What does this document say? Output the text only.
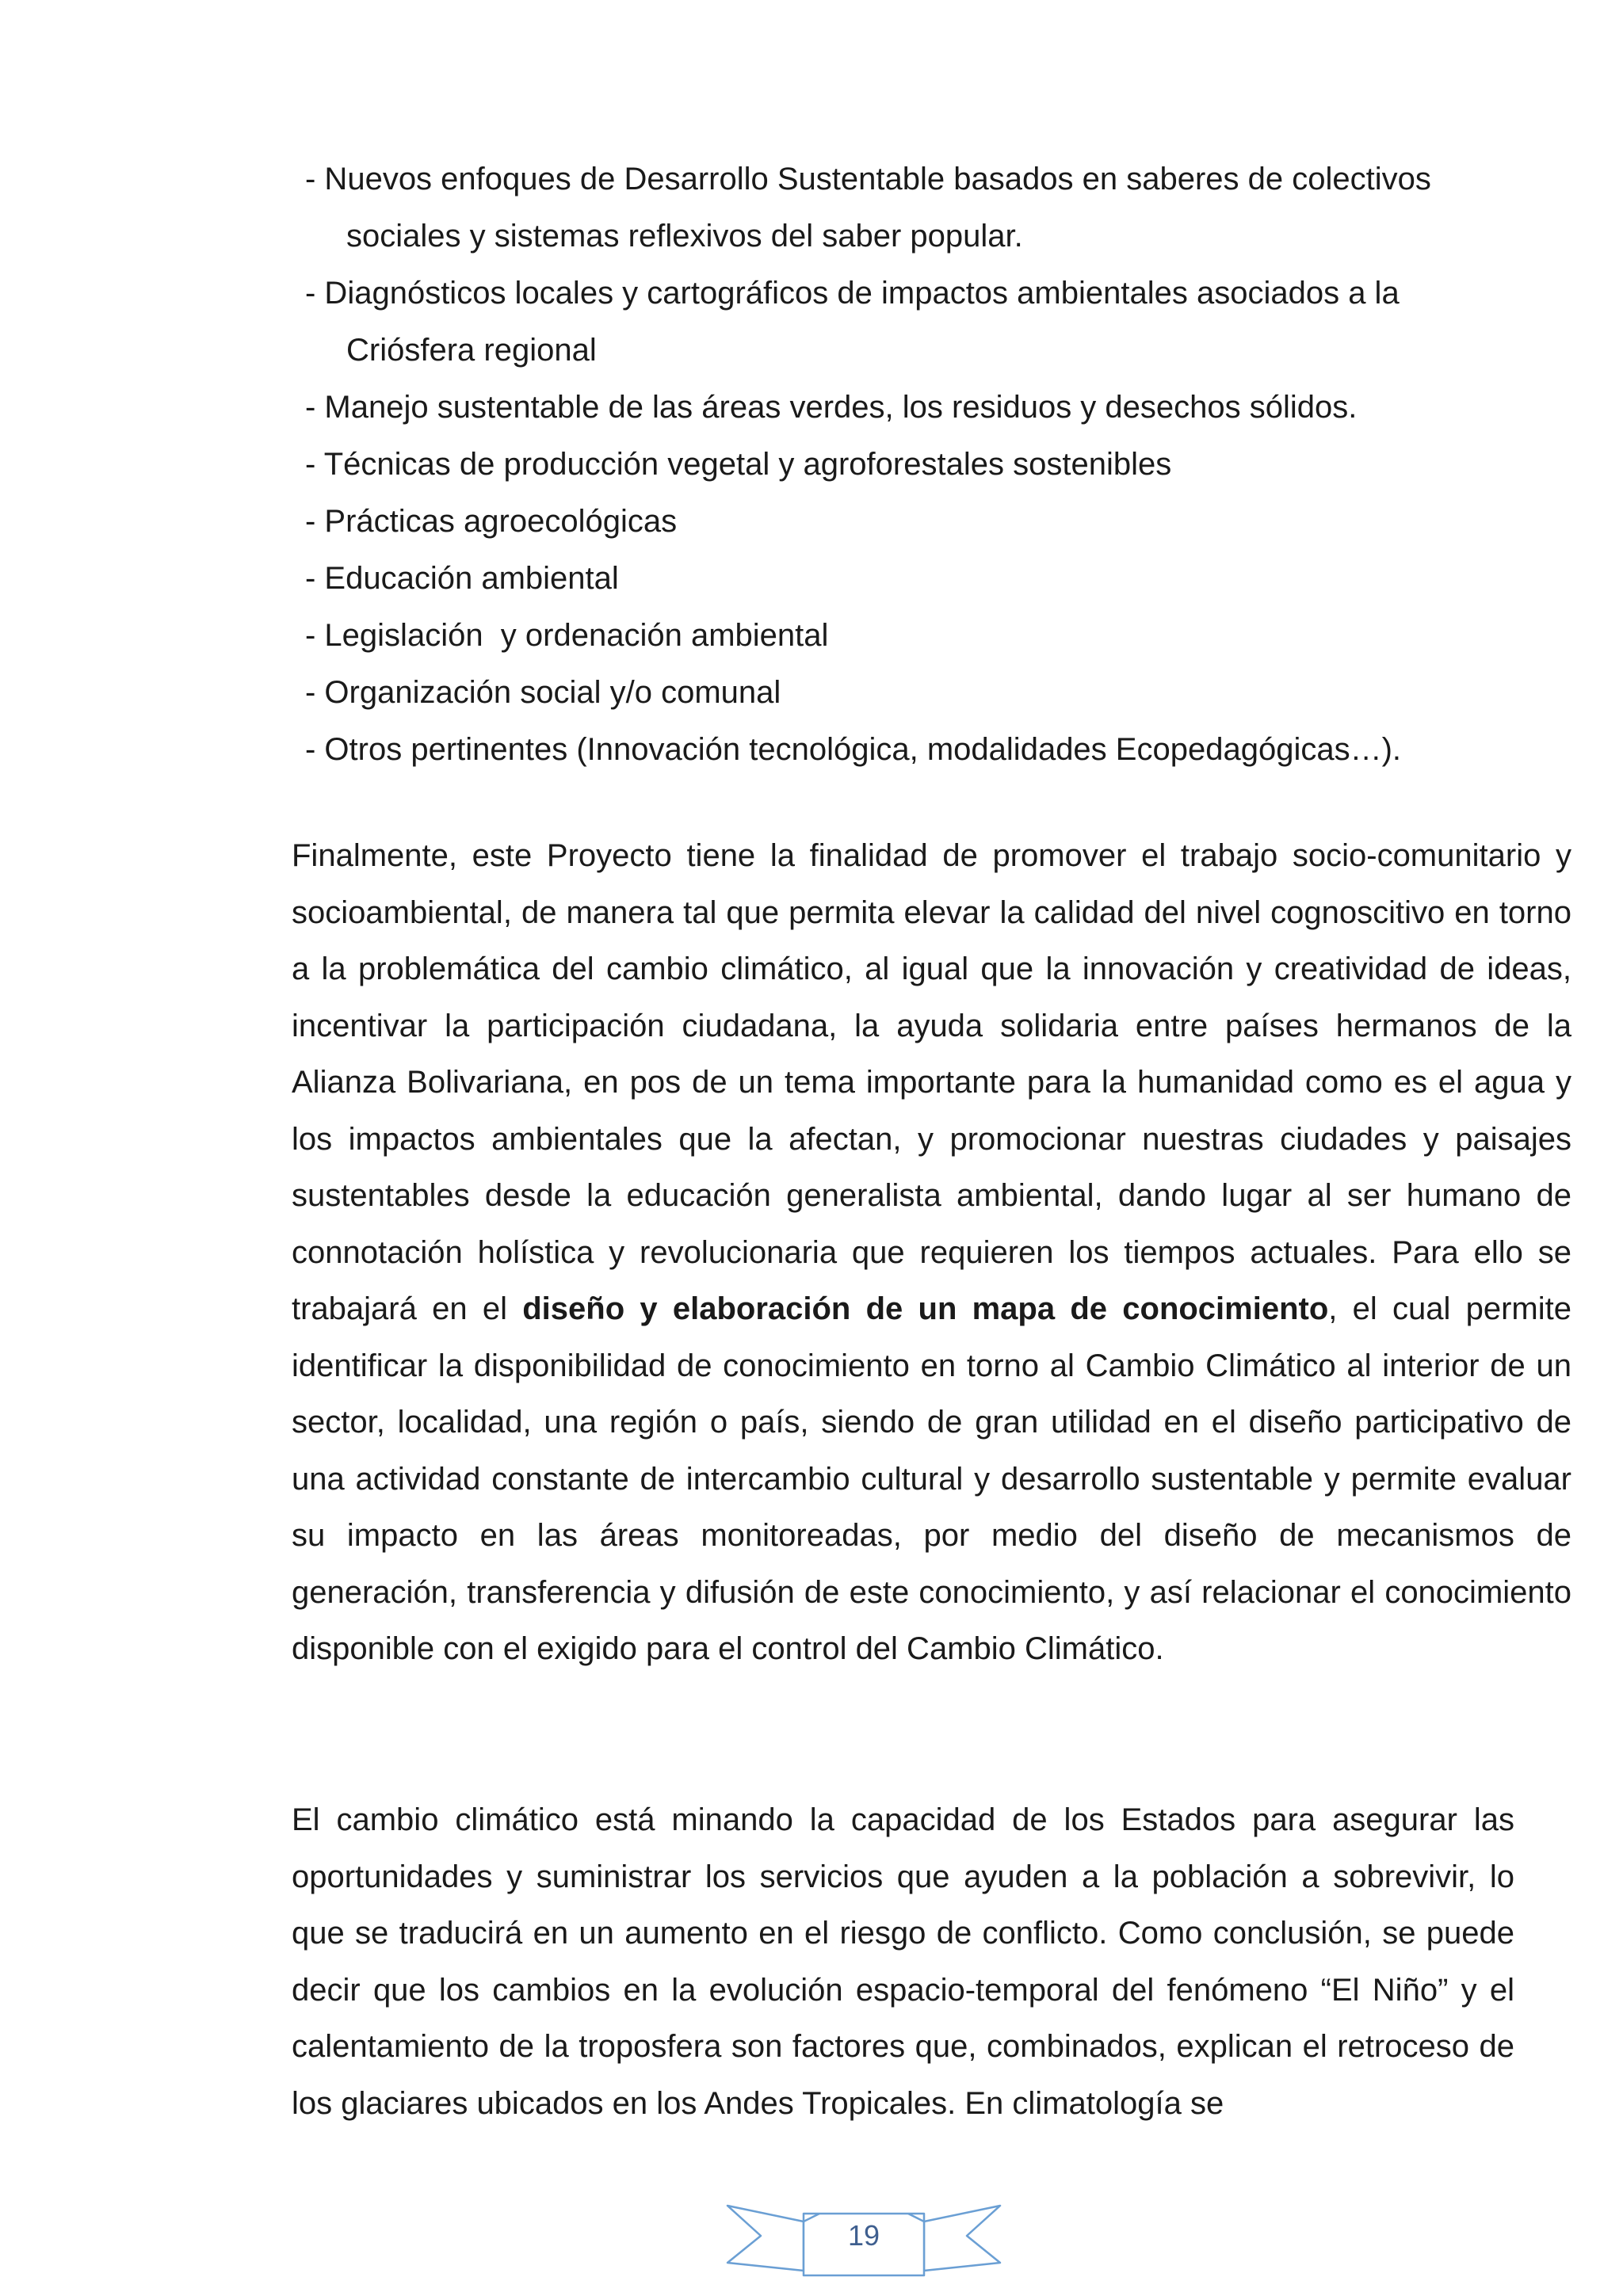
- Nuevos enfoques de Desarrollo Sustentable basados en saberes de colectivos
sociales y sistemas reflexivos del saber popular.
- Diagnósticos locales y cartográficos de impactos ambientales asociados a la
Criósfera regional
- Manejo sustentable de las áreas verdes, los residuos y desechos sólidos.
- Técnicas de producción vegetal y agroforestales sostenibles
- Prácticas agroecológicas
- Educación ambiental
- Legislación  y ordenación ambiental
- Organización social y/o comunal
- Otros pertinentes (Innovación tecnológica, modalidades Ecopedagógicas…).

Finalmente, este Proyecto tiene la finalidad de promover el trabajo socio-comunitario y socioambiental, de manera tal que permita elevar la calidad del nivel cognoscitivo en torno a la problemática del cambio climático, al igual que la innovación y creatividad de ideas, incentivar la participación ciudadana, la ayuda solidaria entre países hermanos de la Alianza Bolivariana, en pos de un tema importante para la humanidad como es el agua y los impactos ambientales que la afectan, y promocionar nuestras ciudades y paisajes sustentables desde la educación generalista ambiental, dando lugar al ser humano de connotación holística y revolucionaria que requieren los tiempos actuales. Para ello se trabajará en el diseño y elaboración de un mapa de conocimiento, el cual permite identificar la disponibilidad de conocimiento en torno al Cambio Climático al interior de un sector, localidad, una región o país, siendo de gran utilidad en el diseño participativo de una actividad constante de intercambio cultural y desarrollo sustentable y permite evaluar su impacto en las áreas monitoreadas, por medio del diseño de mecanismos de generación, transferencia y difusión de este conocimiento, y así relacionar el conocimiento disponible con el exigido para el control del Cambio Climático.

El cambio climático está minando la capacidad de los Estados para asegurar las oportunidades y suministrar los servicios que ayuden a la población a sobrevivir, lo que se traducirá en un aumento en el riesgo de conflicto. Como conclusión, se puede decir que los cambios en la evolución espacio-temporal del fenómeno “El Niño” y el calentamiento de la troposfera son factores que, combinados, explican el retroceso de los glaciares ubicados en los Andes Tropicales. En climatología se

19
